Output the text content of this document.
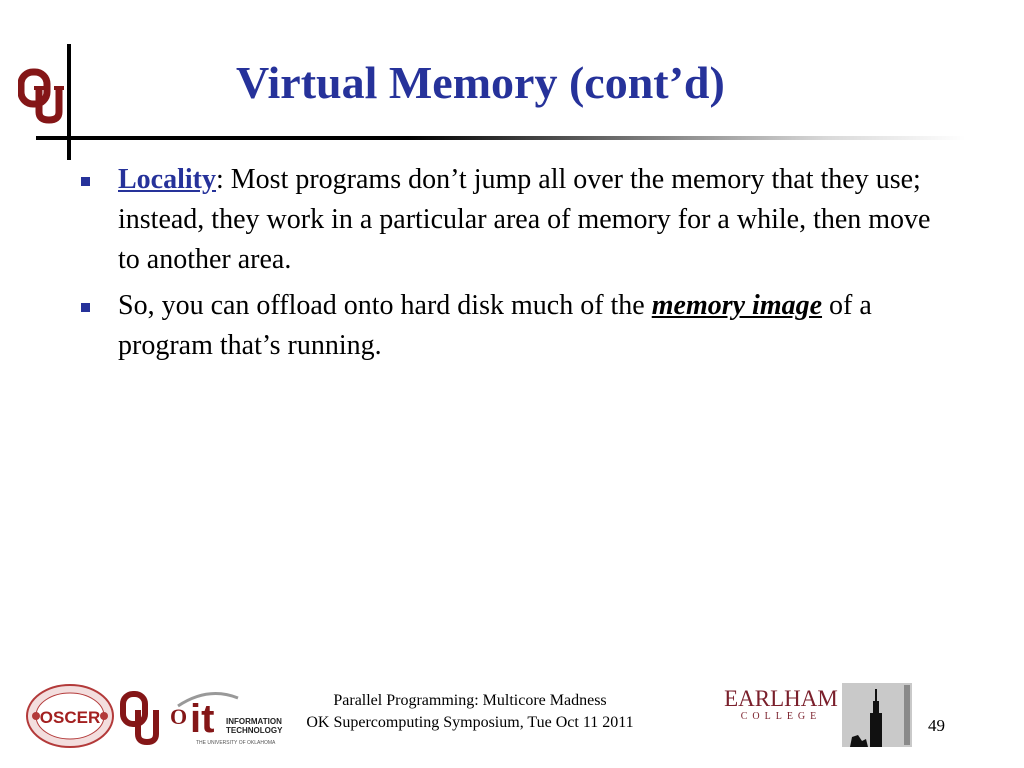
Virtual Memory (cont’d)
Locality: Most programs don’t jump all over the memory that they use; instead, they work in a particular area of memory for a while, then move to another area.
So, you can offload onto hard disk much of the memory image of a program that’s running.
OSCER	O it INFORMATION
TECHNOLOGY
THE UNIVERSITY OF OKLAHOMA
Parallel Programming: Multicore Madness
OK Supercomputing Symposium, Tue Oct 11 2011
EARLHAM
COLLEGE	49
